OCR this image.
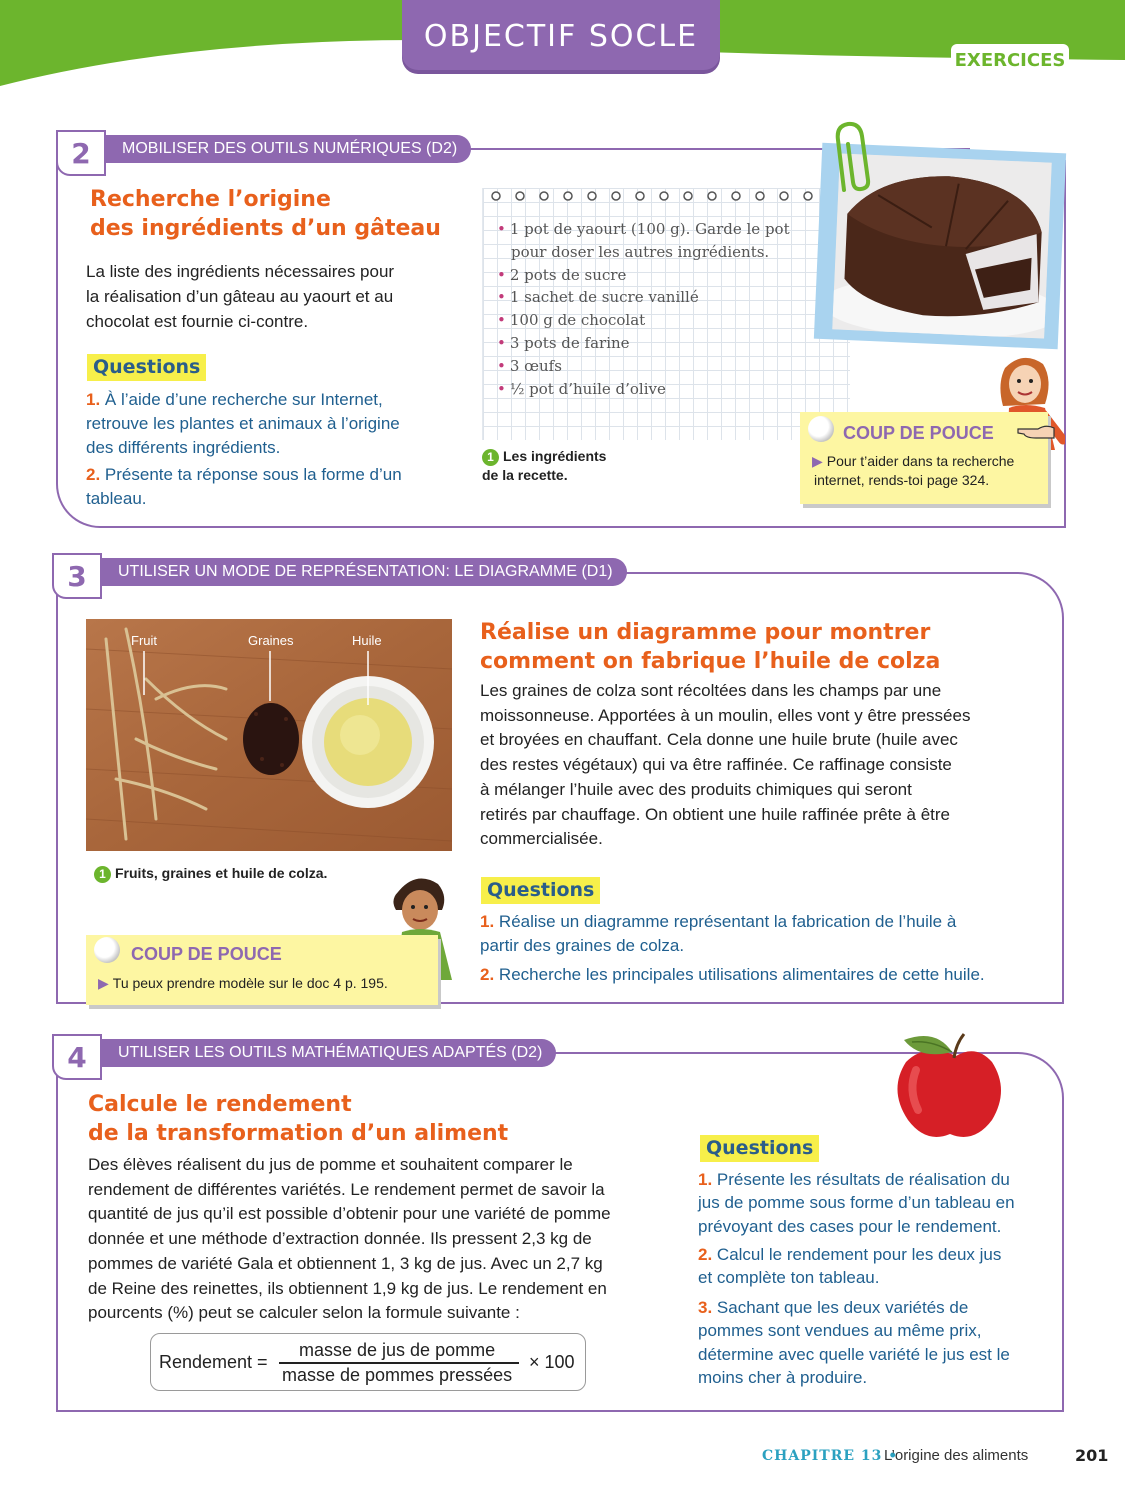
OBJECTIF SOCLE
EXERCICES
2	MOBILISER DES OUTILS NUMÉRIQUES (D2)
Recherche l’origine
des ingrédients d’un gâteau
La liste des ingrédients nécessaires pour
la réalisation d’un gâteau au yaourt et au
chocolat est fournie ci-contre.
Questions
1. À l’aide d’une recherche sur Internet,
retrouve les plantes et animaux à l’origine
des différents ingrédients.
2. Présente ta réponse sous la forme d’un
tableau.
• 1 pot de yaourt (100 g). Garde le pot
pour doser les autres ingrédients.
• 2 pots de sucre
• 1 sachet de sucre vanillé
• 100 g de chocolat
• 3 pots de farine
• 3 œufs
• ½ pot d’huile d’olive
1 Les ingrédients
de la recette.
COUP DE POUCE
▶ Pour t’aider dans ta recherche
internet, rends-toi page 324.
3	UTILISER UN MODE DE REPRÉSENTATION: LE DIAGRAMME (D1)
Fruit	Graines	Huile
1 Fruits, graines et huile de colza.
COUP DE POUCE
▶ Tu peux prendre modèle sur le doc 4 p. 195.
Réalise un diagramme pour montrer
comment on fabrique l’huile de colza
Les graines de colza sont récoltées dans les champs par une
moissonneuse. Apportées à un moulin, elles vont y être pressées
et broyées en chauffant. Cela donne une huile brute (huile avec
des restes végétaux) qui va être raffinée. Ce raffinage consiste
à mélanger l’huile avec des produits chimiques qui seront
retirés par chauffage. On obtient une huile raffinée prête à être
commercialisée.
Questions
1. Réalise un diagramme représentant la fabrication de l’huile à
partir des graines de colza.
2. Recherche les principales utilisations alimentaires de cette huile.
4	UTILISER LES OUTILS MATHÉMATIQUES ADAPTÉS (D2)
Calcule le rendement
de la transformation d’un aliment
Des élèves réalisent du jus de pomme et souhaitent comparer le
rendement de différentes variétés. Le rendement permet de savoir la
quantité de jus qu’il est possible d’obtenir pour une variété de pomme
donnée et une méthode d’extraction donnée. Ils pressent 2,3 kg de
pommes de variété Gala et obtiennent 1, 3 kg de jus. Avec un 2,7 kg
de Reine des reinettes, ils obtiennent 1,9 kg de jus. Le rendement en
pourcents (%) peut se calculer selon la formule suivante :
Rendement =
masse de jus de pomme
masse de pommes pressées
× 100
Questions
1. Présente les résultats de réalisation du
jus de pomme sous forme d’un tableau en
prévoyant des cases pour le rendement.
2. Calcul le rendement pour les deux jus
et complète ton tableau.
3. Sachant que les deux variétés de
pommes sont vendues au même prix,
détermine avec quelle variété le jus est le
moins cher à produire.
CHAPITRE 13 •
L’origine des aliments	201
